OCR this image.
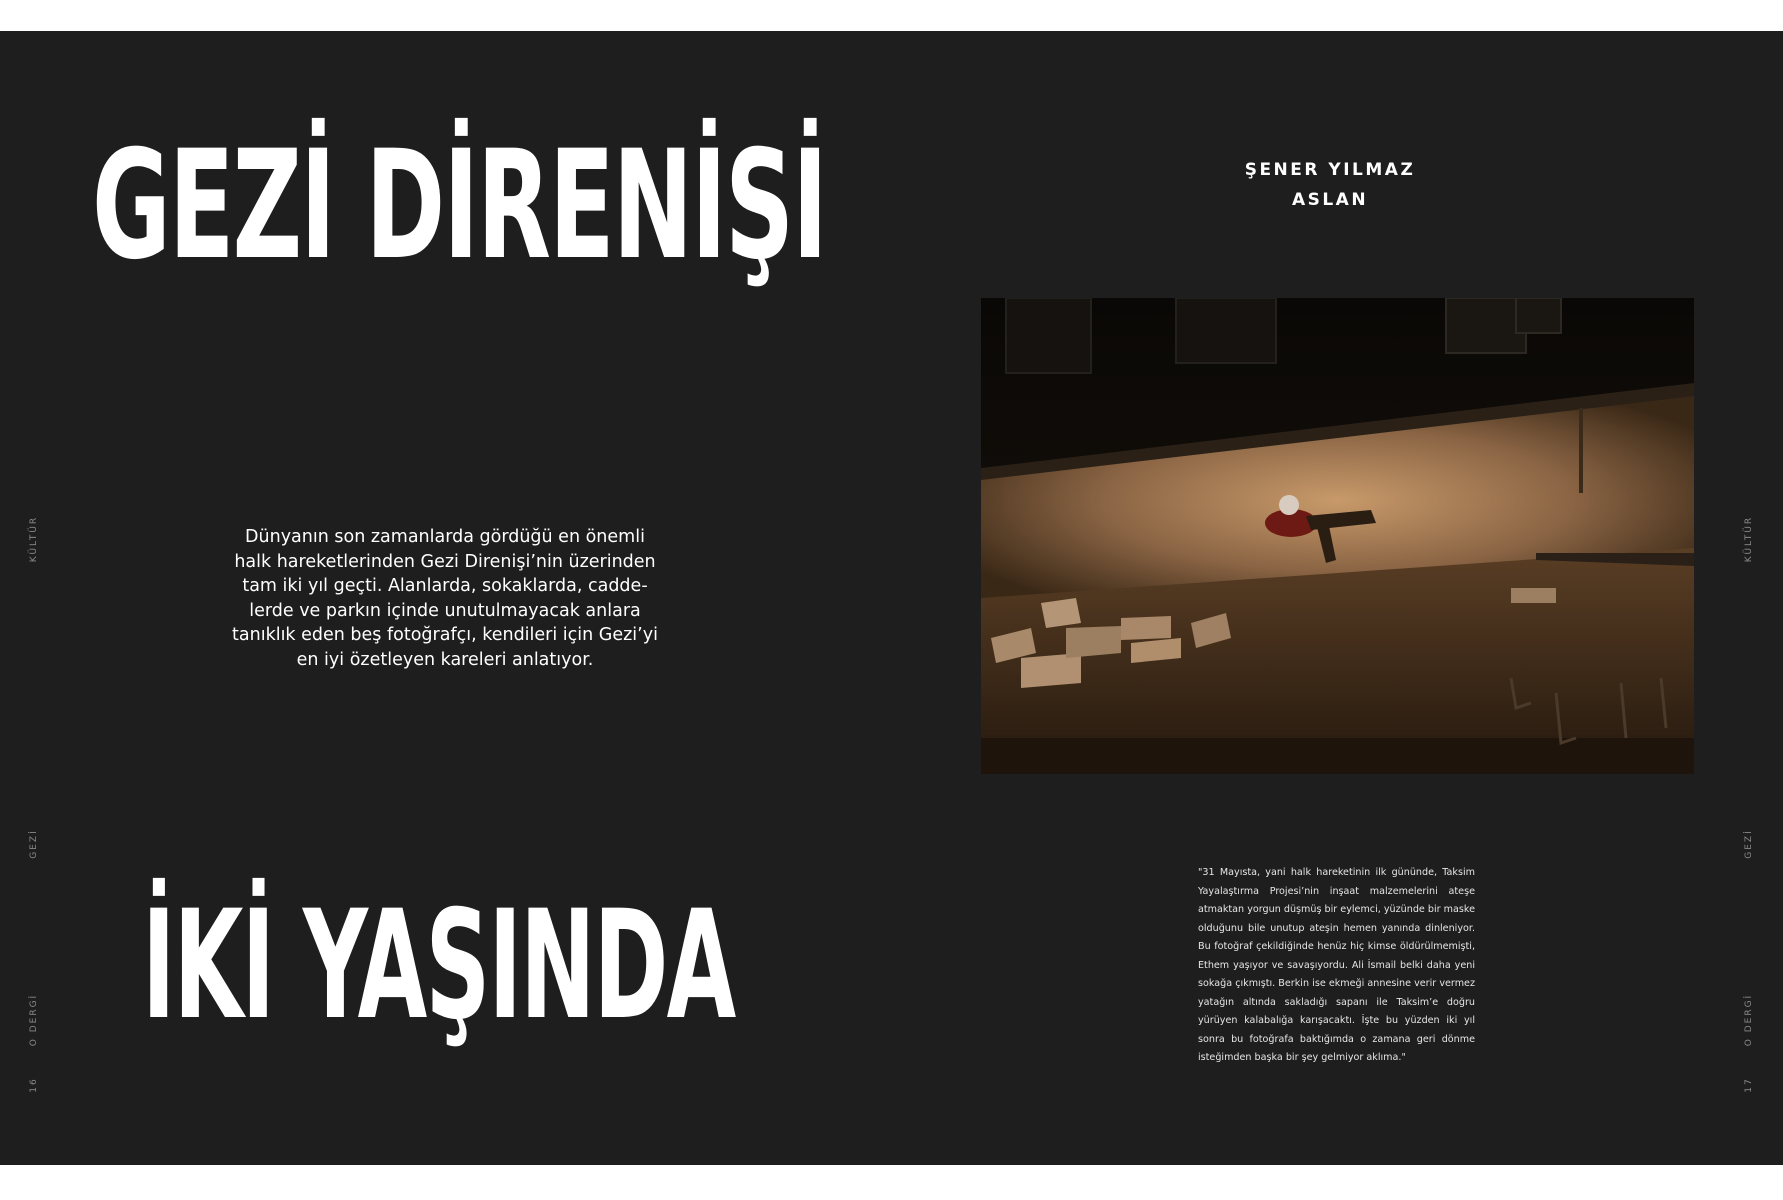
GEZİ DİRENİŞİ

Dünyanın son zamanlarda gördüğü en önemli halk hareketlerinden Gezi Direnişi’nin üzerinden tam iki yıl geçti. Alanlarda, sokaklarda, caddelerde ve parkın içinde unutulmayacak anlara tanıklık eden beş fotoğrafçı, kendileri için Gezi’yi en iyi özetleyen kareleri anlatıyor.

İKİ YAŞINDA
ŞENER YILMAZ
ASLAN

"31 Mayısta, yani halk hareketinin ilk gününde, Taksim Yayalaştırma Projesi’nin inşaat malzemelerini ateşe atmaktan yorgun düşmüş bir eylemci, yüzünde bir maske olduğunu bile unutup ateşin hemen yanında dinleniyor. Bu fotoğraf çekildiğinde henüz hiç kimse öldürülmemişti, Ethem yaşıyor ve savaşıyordu. Ali İsmail belki daha yeni sokağa çıkmıştı. Berkin ise ekmeği annesine verir vermez yatağın altında sakladığı sapanı ile Taksim’e doğru yürüyen kalabalığa karışacaktı. İşte bu yüzden iki yıl sonra bu fotoğrafa baktığımda o zamana geri dönme isteğimden başka bir şey gelmiyor aklıma."

KÜLTÜR
GEZİ
O DERGİ
16
KÜLTÜR
GEZİ
O DERGİ
17
